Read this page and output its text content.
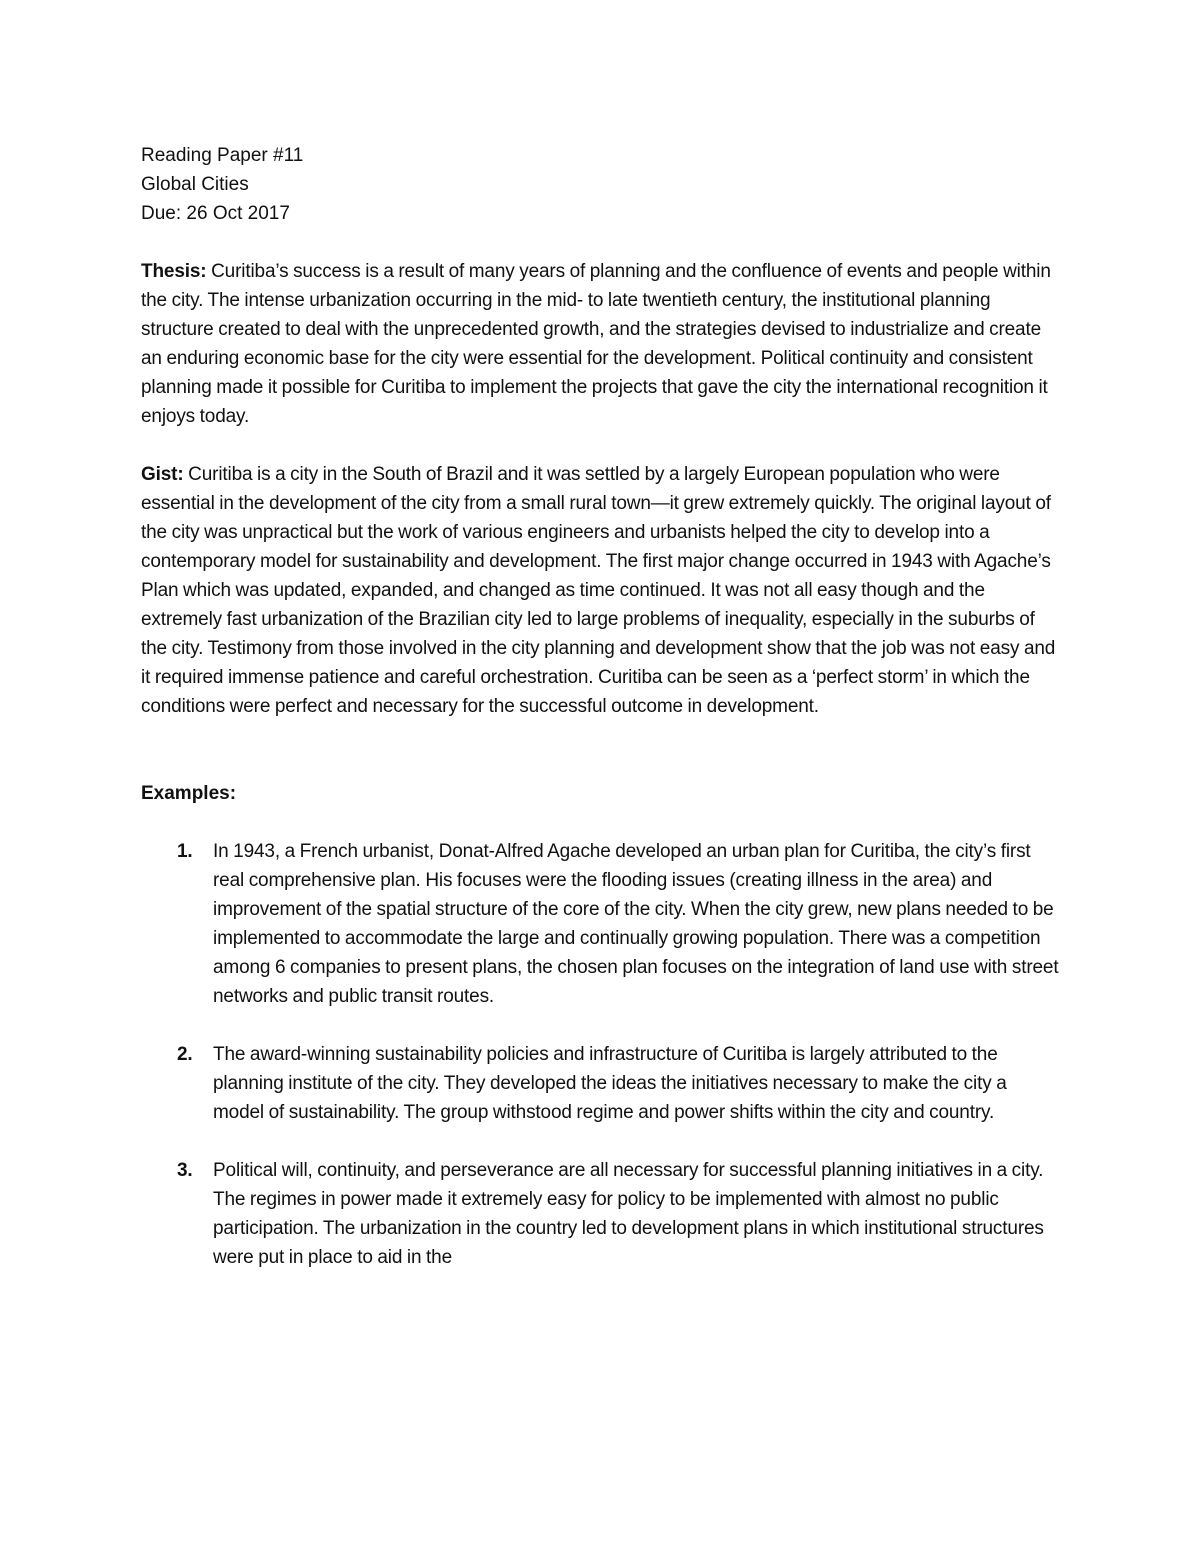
Reading Paper #11
Global Cities
Due: 26 Oct 2017

Thesis: Curitiba’s success is a result of many years of planning and the confluence of events and people within the city. The intense urbanization occurring in the mid- to late twentieth century, the institutional planning structure created to deal with the unprecedented growth, and the strategies devised to industrialize and create an enduring economic base for the city were essential for the development. Political continuity and consistent planning made it possible for Curitiba to implement the projects that gave the city the international recognition it enjoys today.

Gist: Curitiba is a city in the South of Brazil and it was settled by a largely European population who were essential in the development of the city from a small rural town—it grew extremely quickly. The original layout of the city was unpractical but the work of various engineers and urbanists helped the city to develop into a contemporary model for sustainability and development. The first major change occurred in 1943 with Agache’s Plan which was updated, expanded, and changed as time continued. It was not all easy though and the extremely fast urbanization of the Brazilian city led to large problems of inequality, especially in the suburbs of the city. Testimony from those involved in the city planning and development show that the job was not easy and it required immense patience and careful orchestration. Curitiba can be seen as a ‘perfect storm’ in which the conditions were perfect and necessary for the successful outcome in development.

Examples:
1. In 1943, a French urbanist, Donat-Alfred Agache developed an urban plan for Curitiba, the city’s first real comprehensive plan. His focuses were the flooding issues (creating illness in the area) and improvement of the spatial structure of the core of the city. When the city grew, new plans needed to be implemented to accommodate the large and continually growing population. There was a competition among 6 companies to present plans, the chosen plan focuses on the integration of land use with street networks and public transit routes.
2. The award-winning sustainability policies and infrastructure of Curitiba is largely attributed to the planning institute of the city. They developed the ideas the initiatives necessary to make the city a model of sustainability. The group withstood regime and power shifts within the city and country.
3. Political will, continuity, and perseverance are all necessary for successful planning initiatives in a city. The regimes in power made it extremely easy for policy to be implemented with almost no public participation. The urbanization in the country led to development plans in which institutional structures were put in place to aid in the
